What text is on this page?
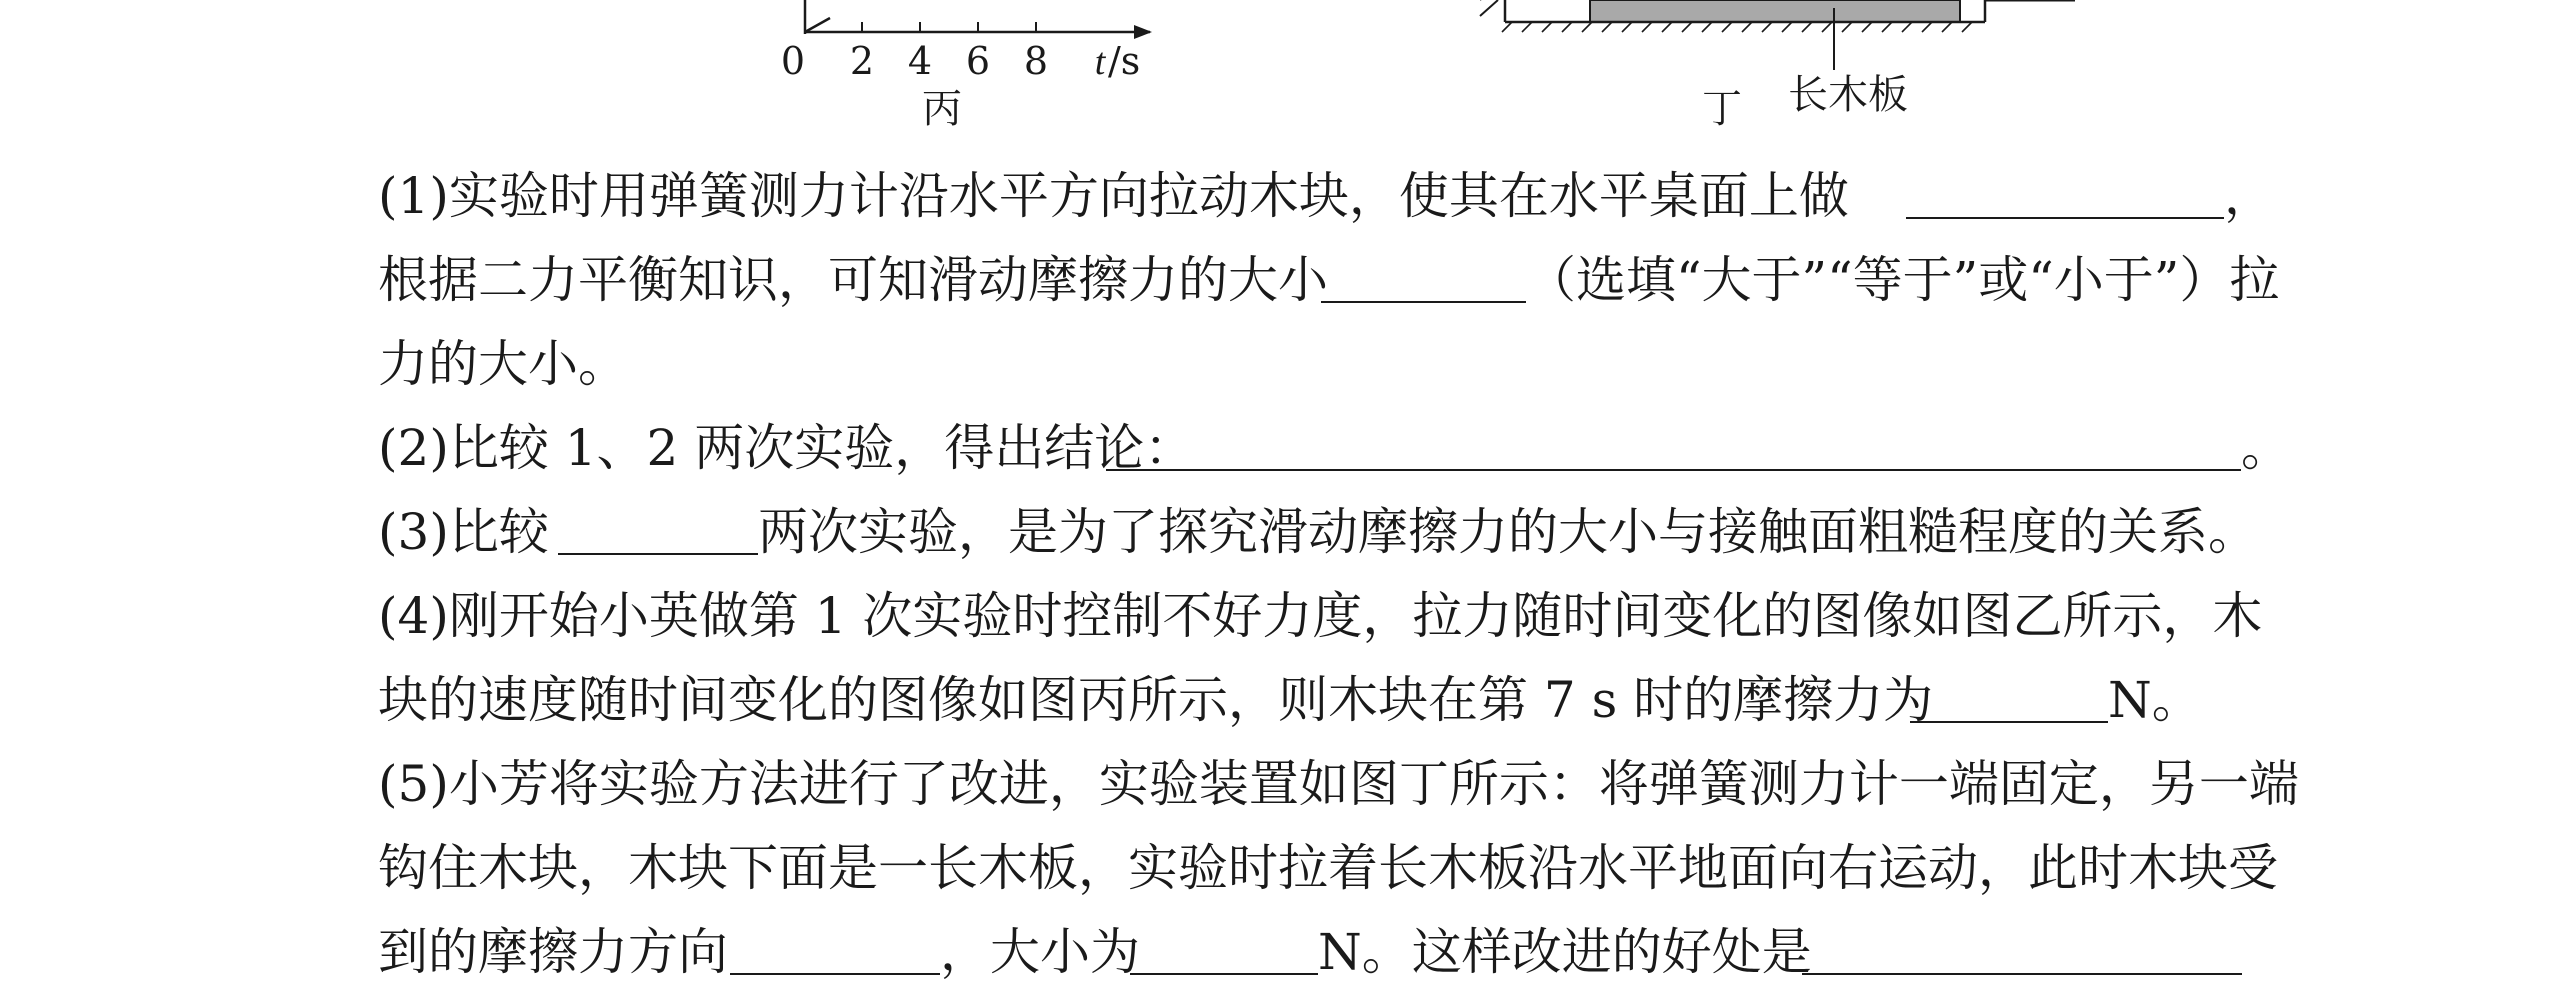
0 2 4 6 8 t /s
丙	长木板
丁
(1)实验时用弹簧测力计沿水平方向拉动木块，使其在水平桌面上做	，
根据二力平衡知识，可知滑动摩擦力的大小	（选填“大于”“等于”或“小于”）拉
力的大小。
(2)比较 1、2 两次实验，得出结论：	。
(3)比较	两次实验，是为了探究滑动摩擦力的大小与接触面粗糙程度的关系。
(4)刚开始小英做第 1 次实验时控制不好力度，拉力随时间变化的图像如图乙所示，木
块的速度随时间变化的图像如图丙所示，则木块在第 7 s 时的摩擦力为	N。
(5)小芳将实验方法进行了改进，实验装置如图丁所示：将弹簧测力计一端固定，另一端
钩住木块，木块下面是一长木板，实验时拉着长木板沿水平地面向右运动，此时木块受
到的摩擦力方向	，大小为	N。这样改进的好处是
